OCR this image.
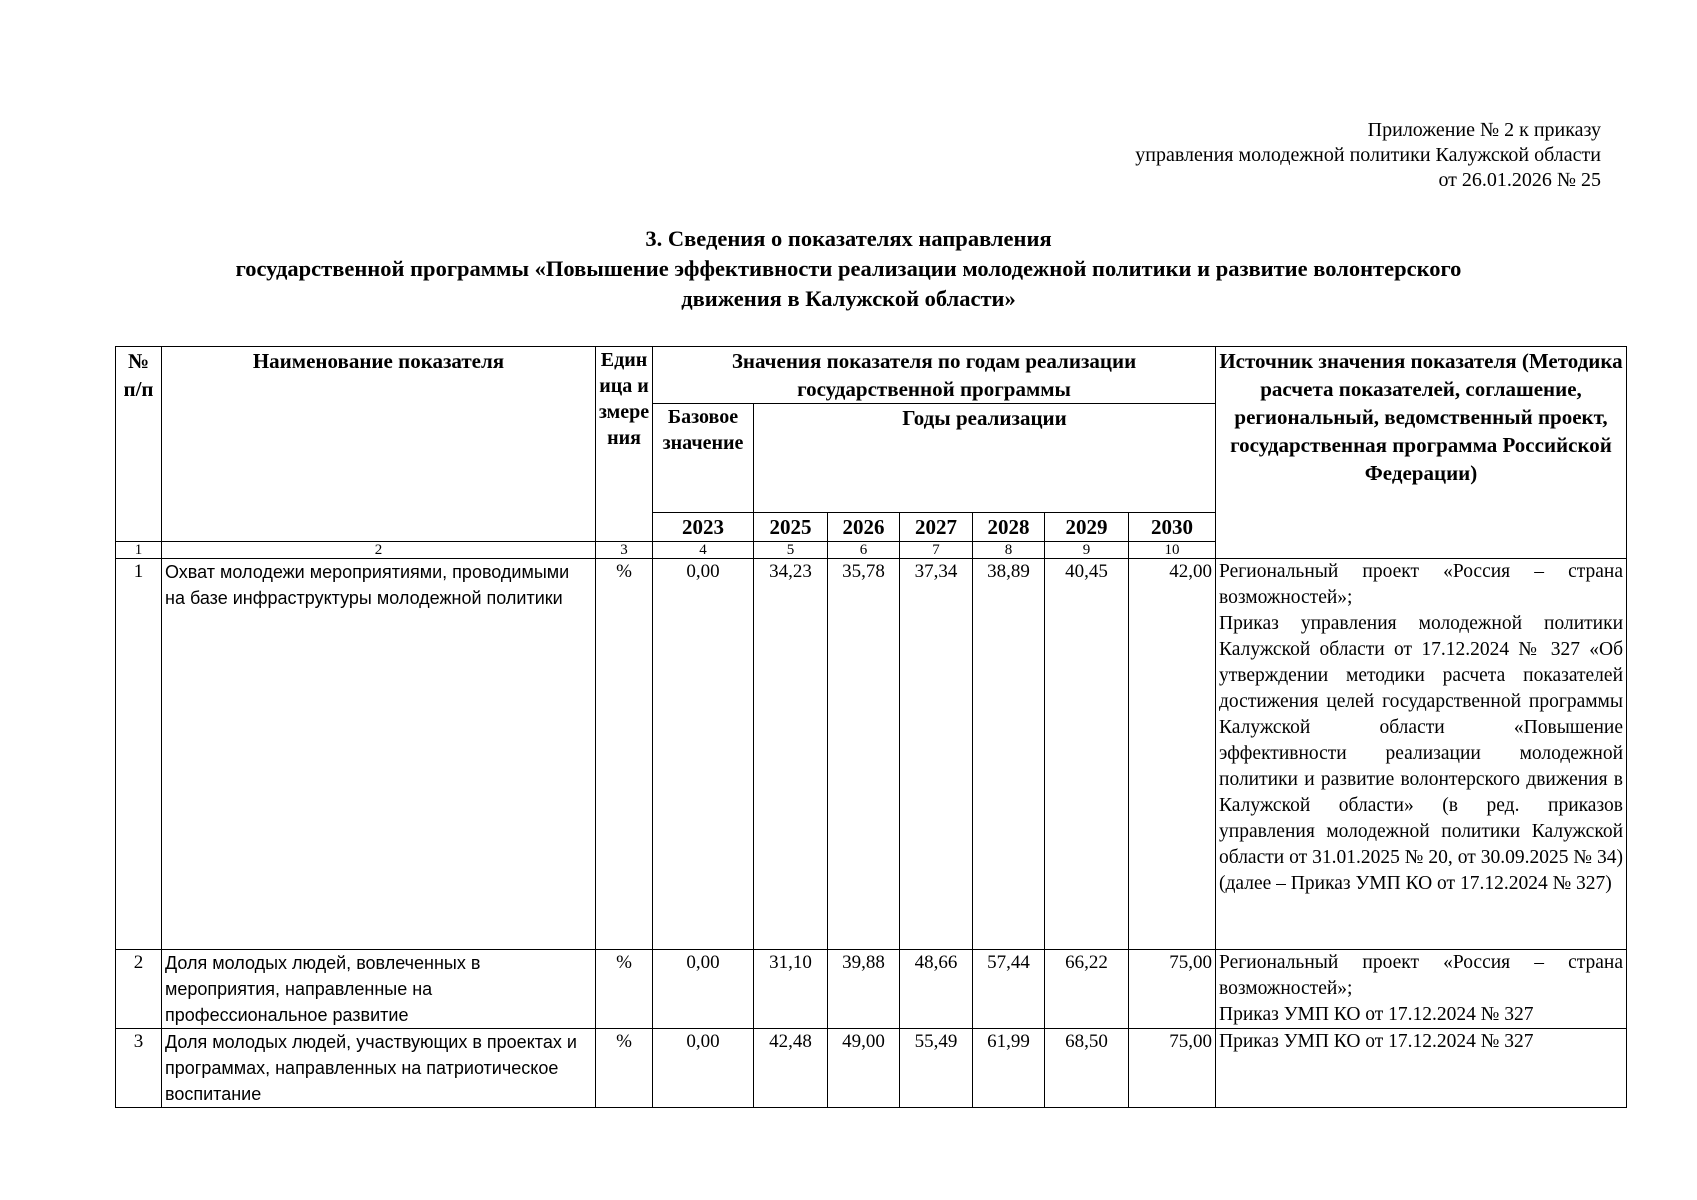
Приложение № 2 к приказу
управления молодежной политики Калужской области
от 26.01.2026 № 25
3. Сведения о показателях направления
государственной программы «Повышение эффективности реализации молодежной политики и развитие волонтерского
движения в Калужской области»
№ п/п	Наименование показателя	Единица измерения	Значения показателя по годам реализации государственной программы							Источник значения показателя (Методика расчета показателей, соглашение, региональный, ведомственный проект, государственная программа Российской Федерации)	
			Базовое значение	Годы реализации							
			2023	2025	2026	2027	2028	2029	2030		
1	2	3	4	5	6	7	8	9	10	
1	Охват молодежи мероприятиями, проводимыми на базе инфраструктуры молодежной политики	%	0,00	34,23	35,78	37,34	38,89	40,45	42,00	Региональный проект «Россия – страна возможностей»;
Приказ управления молодежной политики Калужской области от 17.12.2024 № 327 «Об утверждении методики расчета показателей достижения целей государственной программы Калужской области «Повышение эффективности реализации молодежной политики и развитие волонтерского движения в Калужской области» (в ред. приказов управления молодежной политики Калужской области от 31.01.2025 № 20, от 30.09.2025 № 34) (далее – Приказ УМП КО от 17.12.2024 № 327)	

2	Доля молодых людей, вовлеченных в мероприятия, направленные на профессиональное развитие	%	0,00	31,10	39,88	48,66	57,44	66,22	75,00	Региональный проект «Россия – страна возможностей»;
Приказ УМП КО от 17.12.2024 № 327	

3	Доля молодых людей, участвующих в проектах и программах, направленных на патриотическое воспитание	%	0,00	42,48	49,00	55,49	61,99	68,50	75,00	Приказ УМП КО от 17.12.2024 № 327	
